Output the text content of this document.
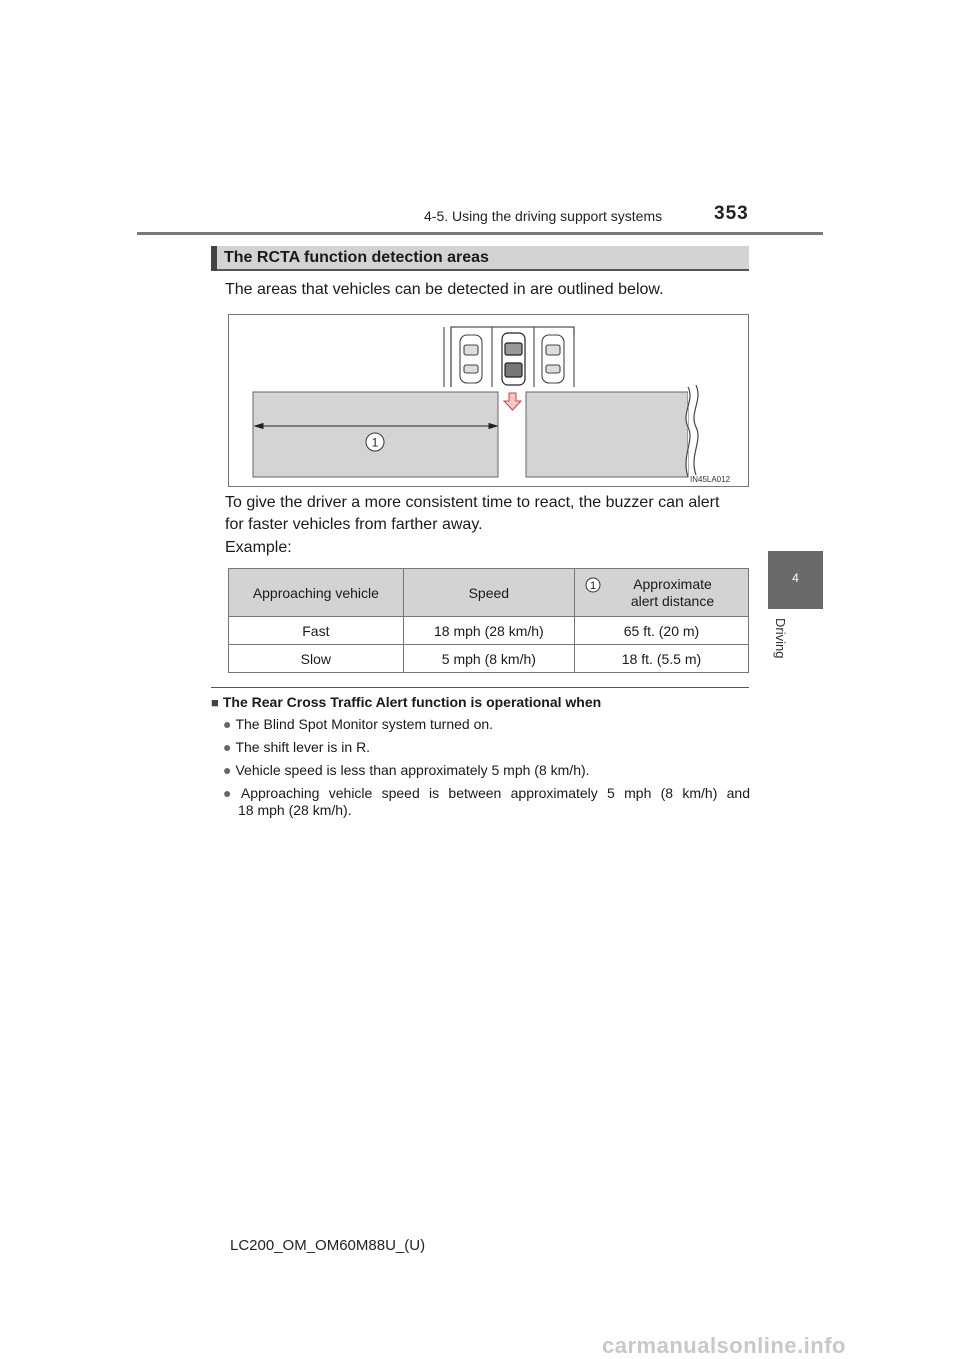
4-5. Using the driving support systems	353
4
Driving
The RCTA function detection areas
The areas that vehicles can be detected in are outlined below.
1
IN45LA012
To give the driver a more consistent time to react, the buzzer can alert
for faster vehicles from farther away.
Example:
Approaching vehicle	Speed	1 Approximate
alert distance
Fast	18 mph (28 km/h)	65 ft. (20 m)
Slow	5 mph (8 km/h)	18 ft. (5.5 m)
■ The Rear Cross Traffic Alert function is operational when
● The Blind Spot Monitor system turned on.
● The shift lever is in R.
● Vehicle speed is less than approximately 5 mph (8 km/h).
● Approaching vehicle speed is between approximately 5 mph (8 km/h) and
18 mph (28 km/h).
LC200_OM_OM60M88U_(U)
carmanualsonline.info
